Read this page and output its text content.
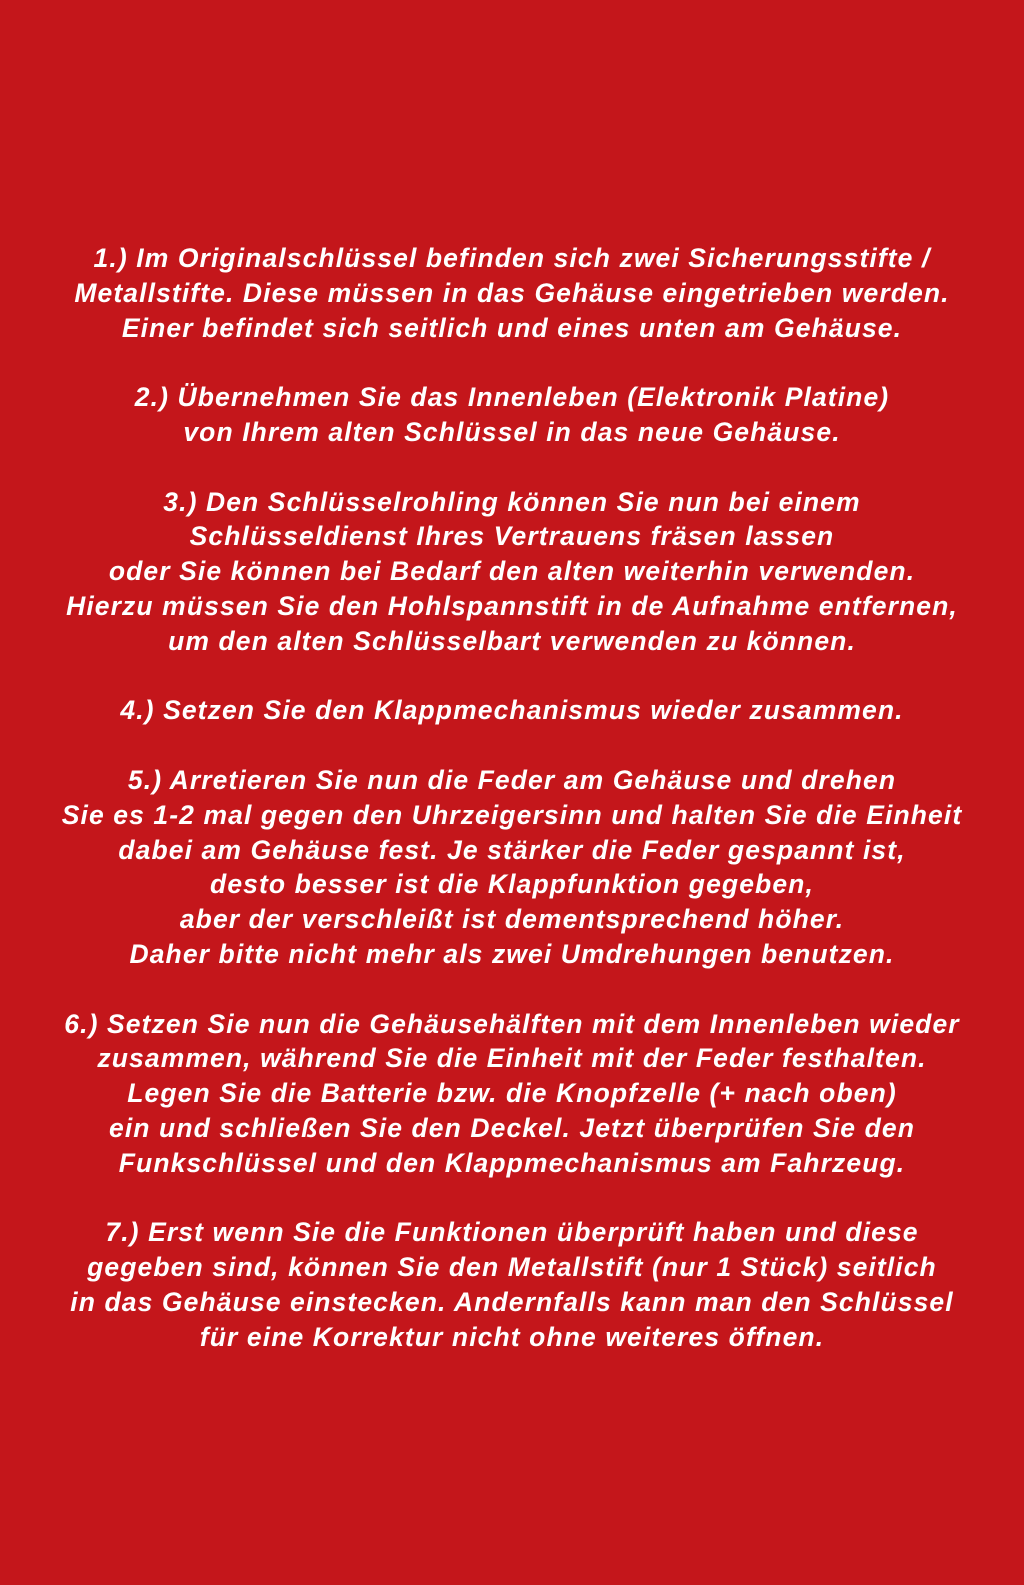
1.) Im Originalschlüssel befinden sich zwei Sicherungsstifte /
Metallstifte. Diese müssen in das Gehäuse eingetrieben werden.
Einer befindet sich seitlich und eines unten am Gehäuse.
2.) Übernehmen Sie das Innenleben (Elektronik Platine)
von Ihrem alten Schlüssel in das neue Gehäuse.
3.) Den Schlüsselrohling können Sie nun bei einem
Schlüsseldienst Ihres Vertrauens fräsen lassen
oder Sie können bei Bedarf den alten weiterhin verwenden.
Hierzu müssen Sie den Hohlspannstift in de Aufnahme entfernen,
um den alten Schlüsselbart verwenden zu können.
4.) Setzen Sie den Klappmechanismus wieder zusammen.
5.) Arretieren Sie nun die Feder am Gehäuse und drehen
Sie es 1-2 mal gegen den Uhrzeigersinn und halten Sie die Einheit
dabei am Gehäuse fest. Je stärker die Feder gespannt ist,
desto besser ist die Klappfunktion gegeben,
aber der verschleißt ist dementsprechend höher.
Daher bitte nicht mehr als zwei Umdrehungen benutzen.
6.) Setzen Sie nun die Gehäusehälften mit dem Innenleben wieder
zusammen, während Sie die Einheit mit der Feder festhalten.
Legen Sie die Batterie bzw. die Knopfzelle (+ nach oben)
ein und schließen Sie den Deckel. Jetzt überprüfen Sie den
Funkschlüssel und den Klappmechanismus am Fahrzeug.
7.) Erst wenn Sie die Funktionen überprüft haben und diese
gegeben sind, können Sie den Metallstift (nur 1 Stück) seitlich
in das Gehäuse einstecken. Andernfalls kann man den Schlüssel
für eine Korrektur nicht ohne weiteres öffnen.
